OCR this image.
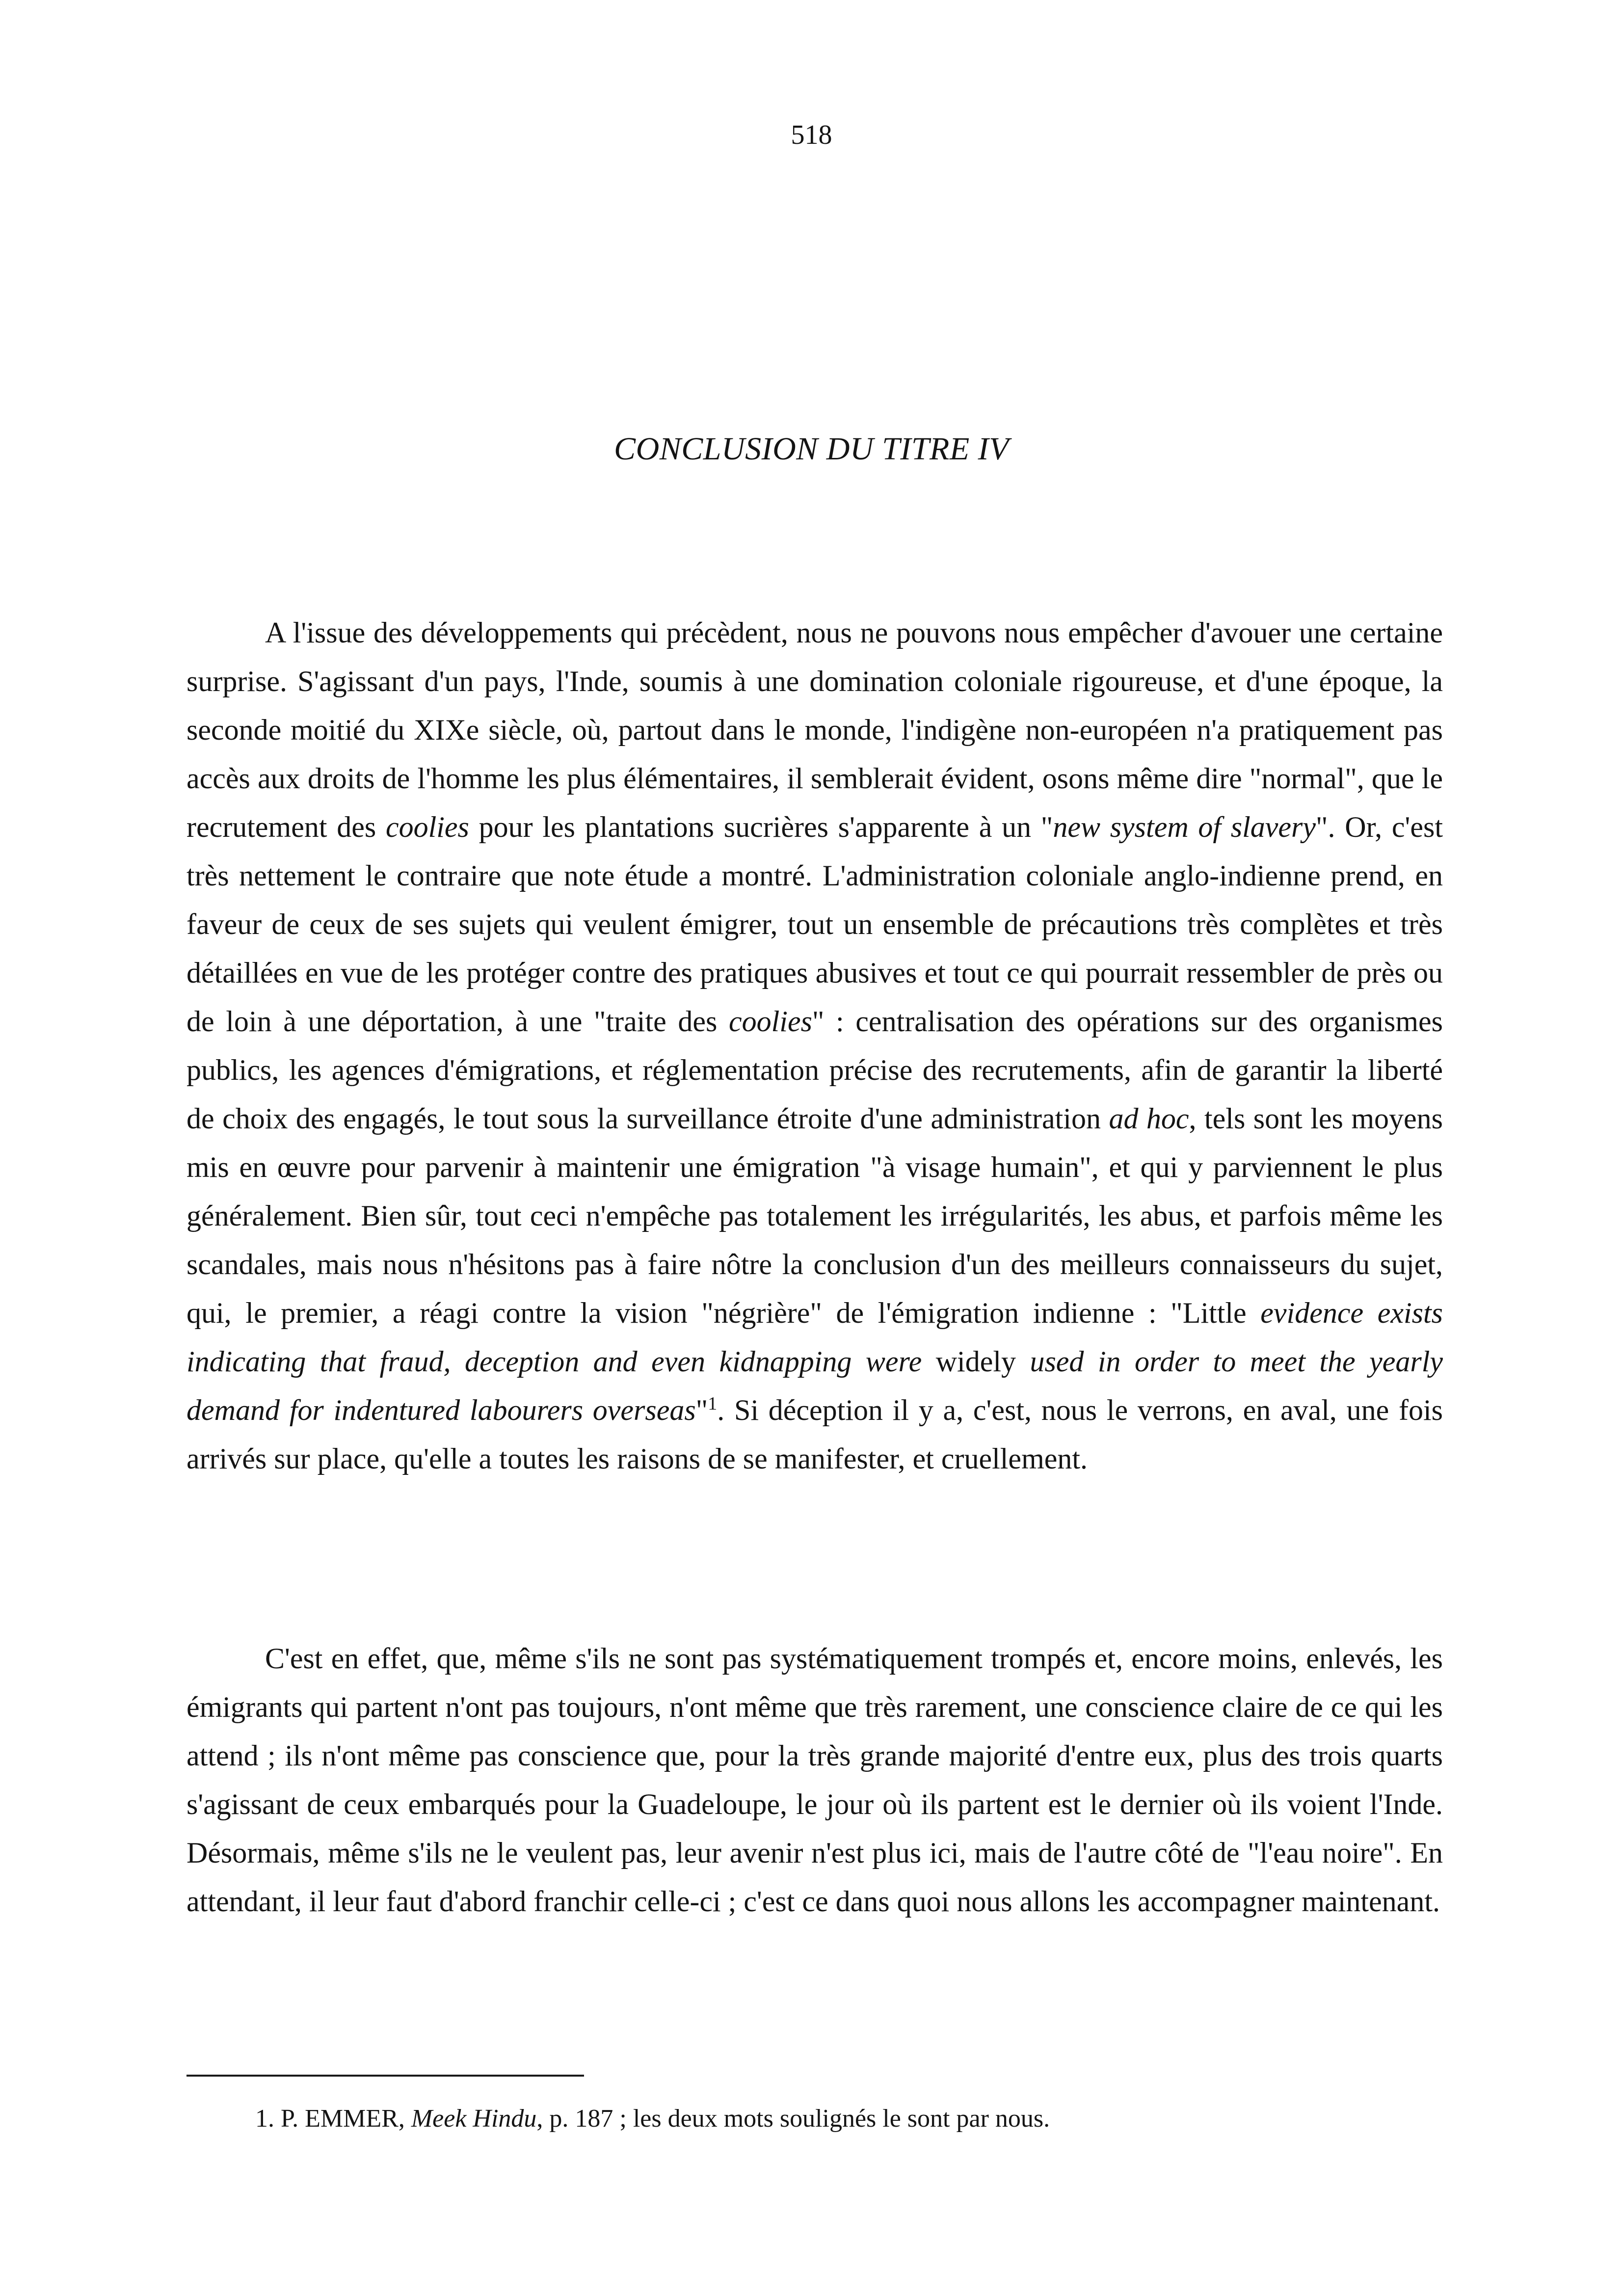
518
CONCLUSION DU TITRE IV

A l'issue des développements qui précèdent, nous ne pouvons nous empêcher d'avouer une certaine surprise. S'agissant d'un pays, l'Inde, soumis à une domination coloniale rigoureuse, et d'une époque, la seconde moitié du XIXe siècle, où, partout dans le monde, l'indigène non-européen n'a pratiquement pas accès aux droits de l'homme les plus élémentaires, il semblerait évident, osons même dire "normal", que le recrutement des coolies pour les plantations sucrières s'apparente à un "new system of slavery". Or, c'est très nettement le contraire que note étude a montré. L'administration coloniale anglo-indienne prend, en faveur de ceux de ses sujets qui veulent émigrer, tout un ensemble de précautions très complètes et très détaillées en vue de les protéger contre des pratiques abusives et tout ce qui pourrait ressembler de près ou de loin à une déportation, à une "traite des coolies" : centralisation des opérations sur des organismes publics, les agences d'émigrations, et réglementation précise des recrutements, afin de garantir la liberté de choix des engagés, le tout sous la surveillance étroite d'une administration ad hoc, tels sont les moyens mis en œuvre pour parvenir à maintenir une émigration "à visage humain", et qui y parviennent le plus généralement. Bien sûr, tout ceci n'empêche pas totalement les irrégularités, les abus, et parfois même les scandales, mais nous n'hésitons pas à faire nôtre la conclusion d'un des meilleurs connaisseurs du sujet, qui, le premier, a réagi contre la vision "négrière" de l'émigration indienne : "Little evidence exists indicating that fraud, deception and even kidnapping were widely used in order to meet the yearly demand for indentured labourers overseas"$^1$. Si déception il y a, c'est, nous le verrons, en aval, une fois arrivés sur place, qu'elle a toutes les raisons de se manifester, et cruellement.

C'est en effet, que, même s'ils ne sont pas systématiquement trompés et, encore moins, enlevés, les émigrants qui partent n'ont pas toujours, n'ont même que très rarement, une conscience claire de ce qui les attend ; ils n'ont même pas conscience que, pour la très grande majorité d'entre eux, plus des trois quarts s'agissant de ceux embarqués pour la Guadeloupe, le jour où ils partent est le dernier où ils voient l'Inde. Désormais, même s'ils ne le veulent pas, leur avenir n'est plus ici, mais de l'autre côté de "l'eau noire". En attendant, il leur faut d'abord franchir celle-ci ; c'est ce dans quoi nous allons les accompagner maintenant.

1. P. EMMER, Meek Hindu, p. 187 ; les deux mots soulignés le sont par nous.
